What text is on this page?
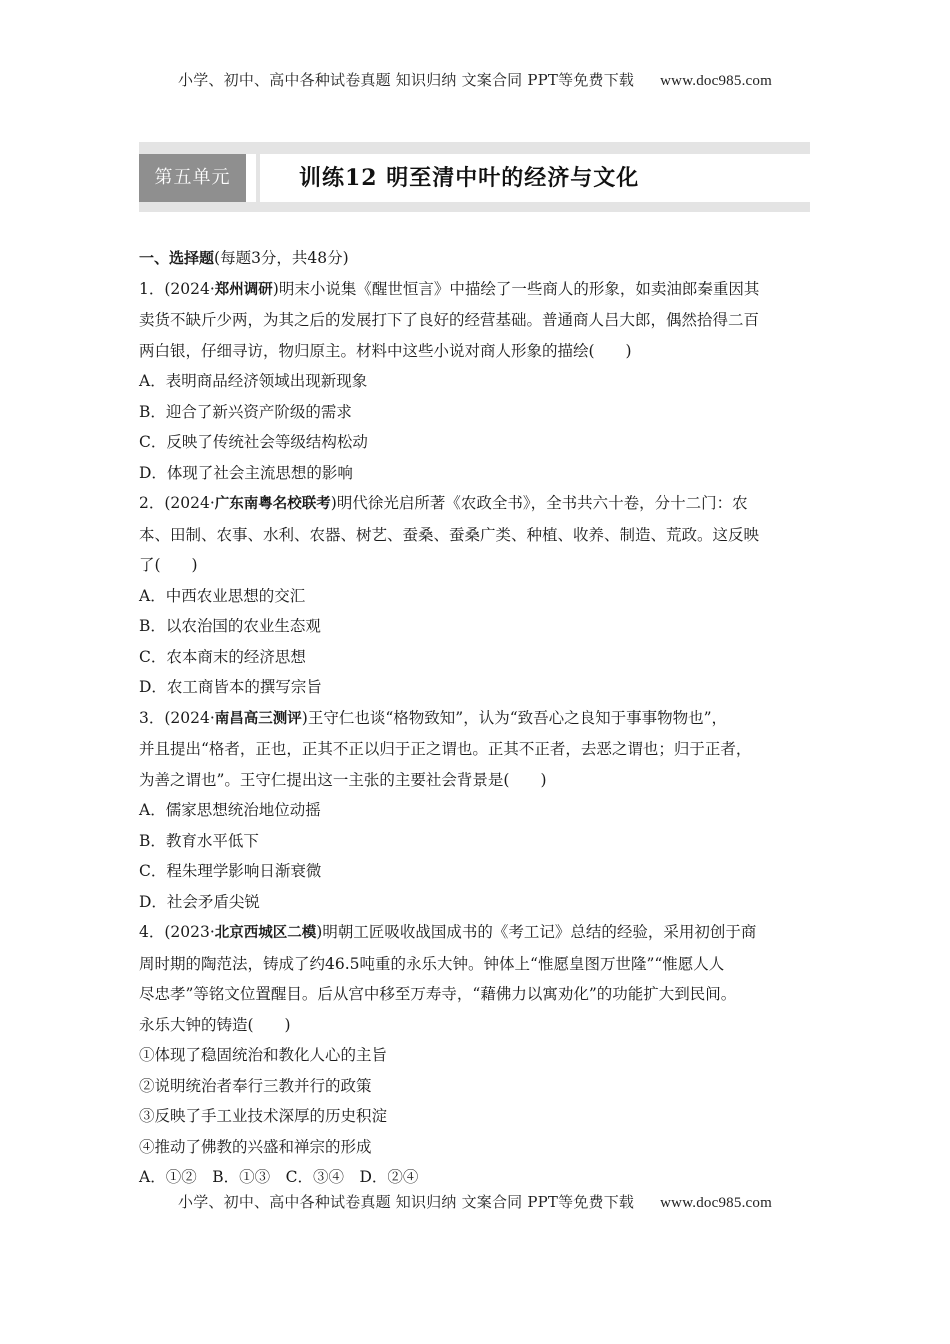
小学、初中、高中各种试卷真题 知识归纳 文案合同 PPT等免费下载 www.doc985.com
第五单元	训练12 明至清中叶的经济与文化
一、选择题(每题3分，共48分)
1．(2024·郑州调研)明末小说集《醒世恒言》中描绘了一些商人的形象，如卖油郎秦重因其
卖货不缺斤少两，为其之后的发展打下了良好的经营基础。普通商人吕大郎，偶然拾得二百
两白银，仔细寻访，物归原主。材料中这些小说对商人形象的描绘(　　)
A．表明商品经济领域出现新现象
B．迎合了新兴资产阶级的需求
C．反映了传统社会等级结构松动
D．体现了社会主流思想的影响
2．(2024·广东南粤名校联考)明代徐光启所著《农政全书》，全书共六十卷，分十二门：农
本、田制、农事、水利、农器、树艺、蚕桑、蚕桑广类、种植、收养、制造、荒政。这反映
了(　　)
A．中西农业思想的交汇
B．以农治国的农业生态观
C．农本商末的经济思想
D．农工商皆本的撰写宗旨
3．(2024·南昌高三测评)王守仁也谈“格物致知”，认为“致吾心之良知于事事物物也”，
并且提出“格者，正也，正其不正以归于正之谓也。正其不正者，去恶之谓也；归于正者，
为善之谓也”。王守仁提出这一主张的主要社会背景是(　　)
A．儒家思想统治地位动摇
B．教育水平低下
C．程朱理学影响日渐衰微
D．社会矛盾尖锐
4．(2023·北京西城区二模)明朝工匠吸收战国成书的《考工记》总结的经验，采用初创于商
周时期的陶范法，铸成了约46.5吨重的永乐大钟。钟体上“惟愿皇图万世隆”“惟愿人人
尽忠孝”等铭文位置醒目。后从宫中移至万寿寺，“藉佛力以寓劝化”的功能扩大到民间。
永乐大钟的铸造(　　)
①体现了稳固统治和教化人心的主旨
②说明统治者奉行三教并行的政策
③反映了手工业技术深厚的历史积淀
④推动了佛教的兴盛和禅宗的形成
A．①②　B．①③　C．③④　D．②④
小学、初中、高中各种试卷真题 知识归纳 文案合同 PPT等免费下载 www.doc985.com
